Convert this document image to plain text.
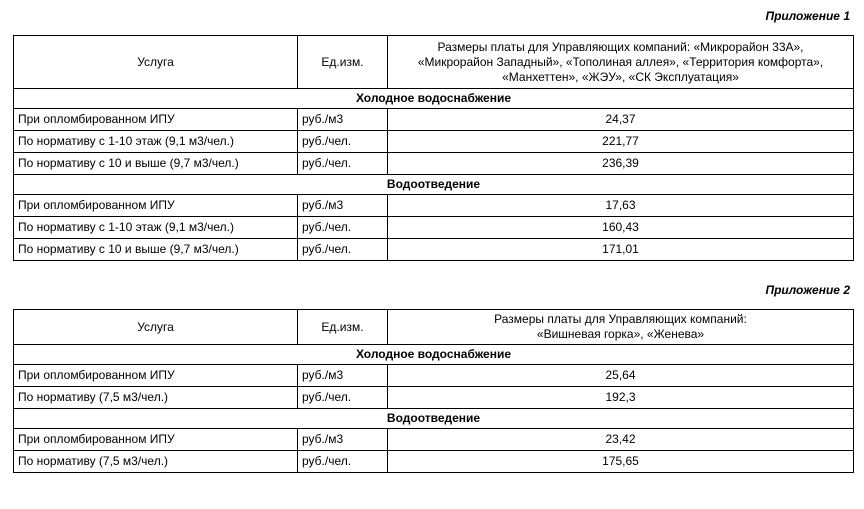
Приложение 1
Услуга	Ед.изм.	Размеры платы для Управляющих компаний: «Микрорайон 33А»,
«Микрорайон Западный», «Тополиная аллея», «Территория комфорта»,
«Манхеттен», «ЖЭУ», «СК Эксплуатация»

Холодное водоснабжение		
При опломбированном ИПУ	руб./м3	24,37
По нормативу с 1-10 этаж (9,1 м3/чел.)	руб./чел.	221,77
По нормативу с 10 и выше (9,7 м3/чел.)	руб./чел.	236,39
Водоотведение		
При опломбированном ИПУ	руб./м3	17,63
По нормативу с 1-10 этаж (9,1 м3/чел.)	руб./чел.	160,43
По нормативу с 10 и выше (9,7 м3/чел.)	руб./чел.	171,01
Приложение 2
Услуга	Ед.изм.	Размеры платы для Управляющих компаний:
«Вишневая горка», «Женева»

Холодное водоснабжение		
При опломбированном ИПУ	руб./м3	25,64
По нормативу (7,5 м3/чел.)	руб./чел.	192,3
Водоотведение		
При опломбированном ИПУ	руб./м3	23,42
По нормативу (7,5 м3/чел.)	руб./чел.	175,65
